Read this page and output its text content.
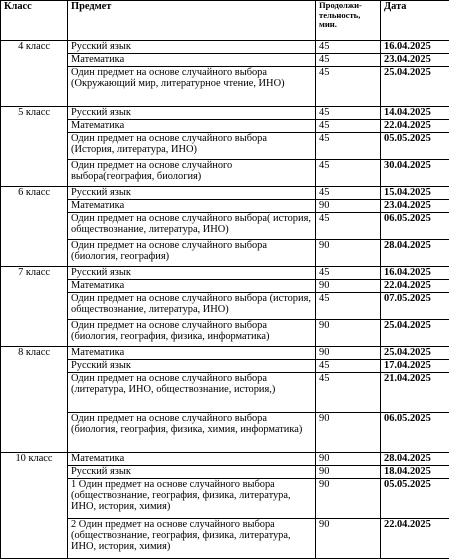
Класс	Предмет	Продолжи-тельность, мин.	Дата
4 класс	Русский язык	45	16.04.2025
	Математика	45	23.04.2025
	Один предмет на основе случайного выбора (Окружающий мир, литературное чтение, ИНО)	45	25.04.2025
5 класс	Русский язык	45	14.04.2025
	Математика	45	22.04.2025
	Один предмет на основе случайного выбора (История, литература, ИНО)	45	05.05.2025
	Один предмет на основе случайного выбора(география, биология)	45	30.04.2025
6 класс	Русский язык	45	15.04.2025
	Математика	90	23.04.2025
	Один предмет на основе случайного выбора( история, обществознание, литература, ИНО)	45	06.05.2025
	Один предмет на основе случайного выбора (биология, география)	90	28.04.2025
7 класс	Русский язык	45	16.04.2025
	Математика	90	22.04.2025
	Один предмет на основе случайного выбора (история, обществознание, литература, ИНО)	45	07.05.2025
	Один предмет на основе случайного выбора (биология, география, физика, информатика)	90	25.04.2025
8 класс	Математика	90	25.04.2025
	Русский язык	45	17.04.2025
	Один предмет на основе случайного выбора (литература, ИНО, обществознание, история,)	45	21.04.2025
	Один предмет на основе случайного выбора (биология, география, физика, химия, информатика)	90	06.05.2025
10 класс	Математика	90	28.04.2025
	Русский язык	90	18.04.2025
	1 Один предмет на основе случайного выбора (обществознание, география, физика, литература, ИНО, история, химия)	90	05.05.2025
	2 Один предмет на основе случайного выбора (обществознание, география, физика, литература, ИНО, история, химия)	90	22.04.2025
